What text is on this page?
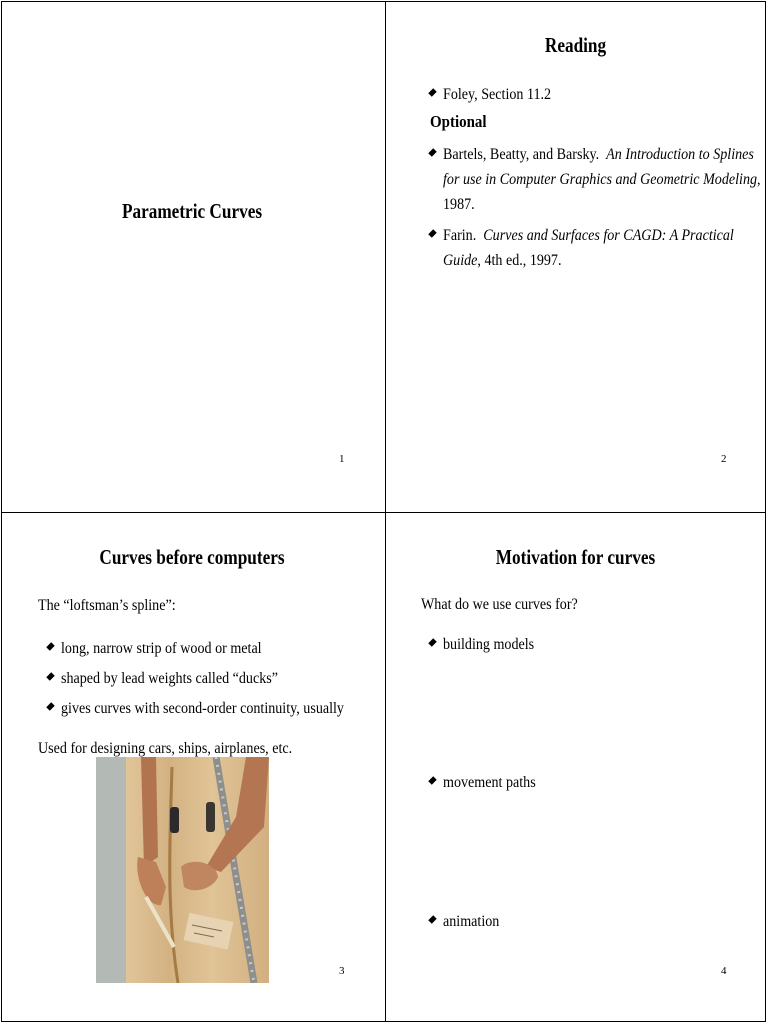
Parametric Curves
1
Reading
Foley, Section 11.2
Optional
Bartels, Beatty, and Barsky. An Introduction to Splines
for use in Computer Graphics and Geometric Modeling,
1987.
Farin. Curves and Surfaces for CAGD: A Practical
Guide, 4th ed., 1997.
2
Curves before computers
The “loftsman’s spline”:
long, narrow strip of wood or metal
shaped by lead weights called “ducks”
gives curves with second-order continuity, usually
Used for designing cars, ships, airplanes, etc.
3
Motivation for curves
What do we use curves for?
building models
movement paths
animation
4
